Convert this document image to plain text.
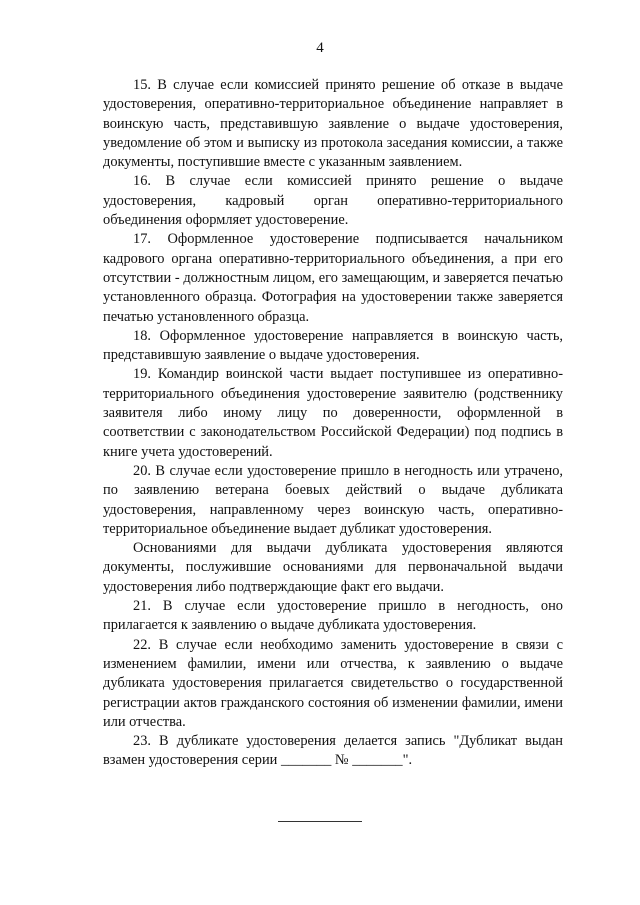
4

15. В случае если комиссией принято решение об отказе в выдаче удостоверения, оперативно-территориальное объединение направляет в воинскую часть, представившую заявление о выдаче удостоверения, уведомление об этом и выписку из протокола заседания комиссии, а также документы, поступившие вместе с указанным заявлением.

16. В случае если комиссией принято решение о выдаче удостоверения, кадровый орган оперативно-территориального объединения оформляет удостоверение.

17. Оформленное удостоверение подписывается начальником кадрового органа оперативно-территориального объединения, а при его отсутствии - должностным лицом, его замещающим, и заверяется печатью установленного образца. Фотография на удостоверении также заверяется печатью установленного образца.

18. Оформленное удостоверение направляется в воинскую часть, представившую заявление о выдаче удостоверения.

19. Командир воинской части выдает поступившее из оперативно-территориального объединения удостоверение заявителю (родственнику заявителя либо иному лицу по доверенности, оформленной в соответствии с законодательством Российской Федерации) под подпись в книге учета удостоверений.

20. В случае если удостоверение пришло в негодность или утрачено, по заявлению ветерана боевых действий о выдаче дубликата удостоверения, направленному через воинскую часть, оперативно-территориальное объединение выдает дубликат удостоверения.

Основаниями для выдачи дубликата удостоверения являются документы, послужившие основаниями для первоначальной выдачи удостоверения либо подтверждающие факт его выдачи.

21. В случае если удостоверение пришло в негодность, оно прилагается к заявлению о выдаче дубликата удостоверения.

22. В случае если необходимо заменить удостоверение в связи с изменением фамилии, имени или отчества, к заявлению о выдаче дубликата удостоверения прилагается свидетельство о государственной регистрации актов гражданского состояния об изменении фамилии, имени или отчества.

23. В дубликате удостоверения делается запись "Дубликат выдан взамен удостоверения серии _______ № _______".
